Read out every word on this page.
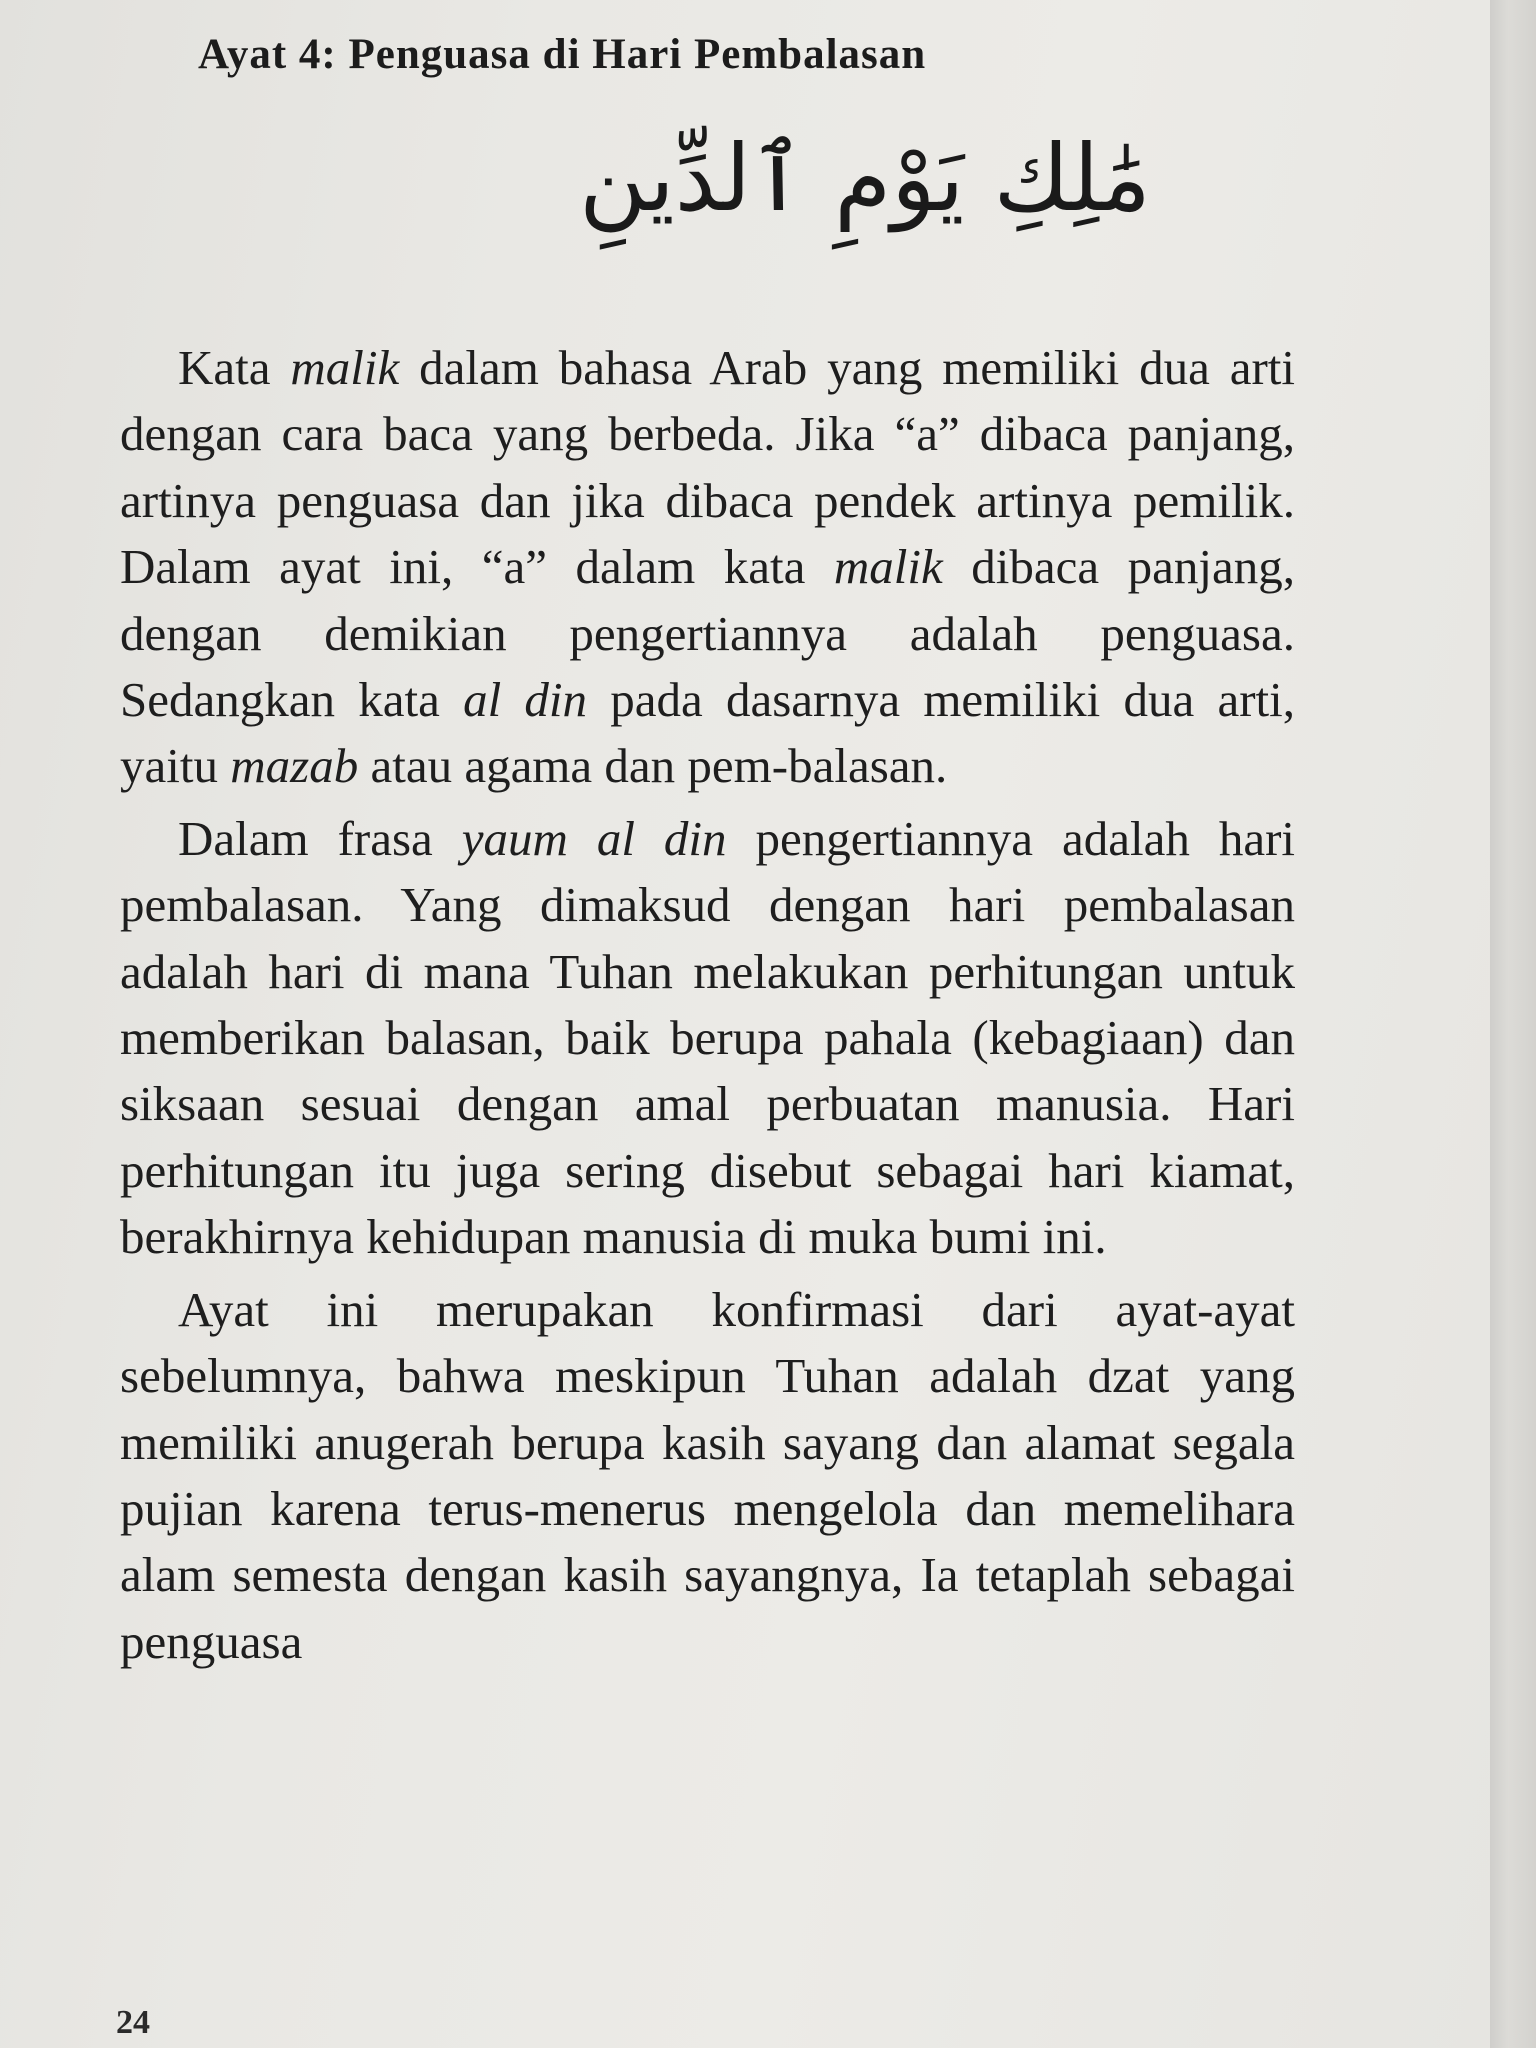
Ayat 4: Penguasa di Hari Pembalasan

مَٰلِكِ يَوْمِ ٱلدِّينِ

Kata malik dalam bahasa Arab yang memiliki dua arti dengan cara baca yang berbeda. Jika “a” dibaca panjang, artinya penguasa dan jika dibaca pendek artinya pemilik. Dalam ayat ini, “a” dalam kata malik dibaca panjang, dengan demikian pengertiannya adalah penguasa. Sedangkan kata al din pada dasarnya memiliki dua arti, yaitu mazab atau agama dan pem-balasan.

Dalam frasa yaum al din pengertiannya adalah hari pembalasan. Yang dimaksud dengan hari pembalasan adalah hari di mana Tuhan melakukan perhitungan untuk memberikan balasan, baik berupa pahala (kebagiaan) dan siksaan sesuai dengan amal perbuatan manusia. Hari perhitungan itu juga sering disebut sebagai hari kiamat, berakhirnya kehidupan manusia di muka bumi ini.

Ayat ini merupakan konfirmasi dari ayat-ayat sebelumnya, bahwa meskipun Tuhan adalah dzat yang memiliki anugerah berupa kasih sayang dan alamat segala pujian karena terus-menerus mengelola dan memelihara alam semesta dengan kasih sayangnya, Ia tetaplah sebagai penguasa

24
